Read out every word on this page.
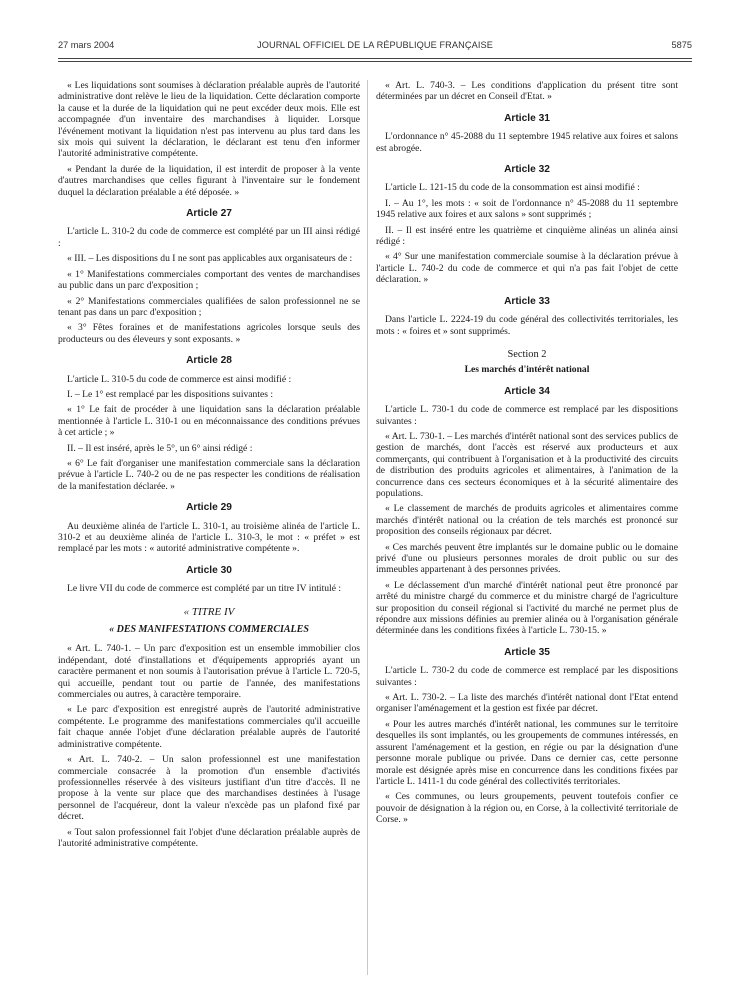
27 mars 2004	JOURNAL OFFICIEL DE LA RÉPUBLIQUE FRANÇAISE	5875

« Les liquidations sont soumises à déclaration préalable auprès de l'autorité administrative dont relève le lieu de la liquidation. Cette déclaration comporte la cause et la durée de la liquidation qui ne peut excéder deux mois. Elle est accompagnée d'un inventaire des marchandises à liquider. Lorsque l'événement motivant la liquidation n'est pas intervenu au plus tard dans les six mois qui suivent la déclaration, le déclarant est tenu d'en informer l'autorité administrative compétente.

« Pendant la durée de la liquidation, il est interdit de proposer à la vente d'autres marchandises que celles figurant à l'inventaire sur le fondement duquel la déclaration préalable a été déposée. »

Article 27

L'article L. 310-2 du code de commerce est complété par un III ainsi rédigé :

« III. – Les dispositions du I ne sont pas applicables aux organisateurs de :

« 1° Manifestations commerciales comportant des ventes de marchandises au public dans un parc d'exposition ;

« 2° Manifestations commerciales qualifiées de salon professionnel ne se tenant pas dans un parc d'exposition ;

« 3° Fêtes foraines et de manifestations agricoles lorsque seuls des producteurs ou des éleveurs y sont exposants. »

Article 28

L'article L. 310-5 du code de commerce est ainsi modifié :

I. – Le 1° est remplacé par les dispositions suivantes :

« 1° Le fait de procéder à une liquidation sans la déclaration préalable mentionnée à l'article L. 310-1 ou en méconnaissance des conditions prévues à cet article ; »

II. – Il est inséré, après le 5°, un 6° ainsi rédigé :

« 6° Le fait d'organiser une manifestation commerciale sans la déclaration prévue à l'article L. 740-2 ou de ne pas respecter les conditions de réalisation de la manifestation déclarée. »

Article 29

Au deuxième alinéa de l'article L. 310-1, au troisième alinéa de l'article L. 310-2 et au deuxième alinéa de l'article L. 310-3, le mot : « préfet » est remplacé par les mots : « autorité administrative compétente ».

Article 30

Le livre VII du code de commerce est complété par un titre IV intitulé :

« TITRE IV

« DES MANIFESTATIONS COMMERCIALES

« Art. L. 740-1. – Un parc d'exposition est un ensemble immobilier clos indépendant, doté d'installations et d'équipements appropriés ayant un caractère permanent et non soumis à l'autorisation prévue à l'article L. 720-5, qui accueille, pendant tout ou partie de l'année, des manifestations commerciales ou autres, à caractère temporaire.

« Le parc d'exposition est enregistré auprès de l'autorité administrative compétente. Le programme des manifestations commerciales qu'il accueille fait chaque année l'objet d'une déclaration préalable auprès de l'autorité administrative compétente.

« Art. L. 740-2. – Un salon professionnel est une manifestation commerciale consacrée à la promotion d'un ensemble d'activités professionnelles réservée à des visiteurs justifiant d'un titre d'accès. Il ne propose à la vente sur place que des marchandises destinées à l'usage personnel de l'acquéreur, dont la valeur n'excède pas un plafond fixé par décret.

« Tout salon professionnel fait l'objet d'une déclaration préalable auprès de l'autorité administrative compétente.

« Art. L. 740-3. – Les conditions d'application du présent titre sont déterminées par un décret en Conseil d'Etat. »

Article 31

L'ordonnance n° 45-2088 du 11 septembre 1945 relative aux foires et salons est abrogée.

Article 32

L'article L. 121-15 du code de la consommation est ainsi modifié :

I. – Au 1°, les mots : « soit de l'ordonnance n° 45-2088 du 11 septembre 1945 relative aux foires et aux salons » sont supprimés ;

II. – Il est inséré entre les quatrième et cinquième alinéas un alinéa ainsi rédigé :

« 4° Sur une manifestation commerciale soumise à la déclaration prévue à l'article L. 740-2 du code de commerce et qui n'a pas fait l'objet de cette déclaration. »

Article 33

Dans l'article L. 2224-19 du code général des collectivités territoriales, les mots : « foires et » sont supprimés.

Section 2

Les marchés d'intérêt national

Article 34

L'article L. 730-1 du code de commerce est remplacé par les dispositions suivantes :

« Art. L. 730-1. – Les marchés d'intérêt national sont des services publics de gestion de marchés, dont l'accès est réservé aux producteurs et aux commerçants, qui contribuent à l'organisation et à la productivité des circuits de distribution des produits agricoles et alimentaires, à l'animation de la concurrence dans ces secteurs économiques et à la sécurité alimentaire des populations.

« Le classement de marchés de produits agricoles et alimentaires comme marchés d'intérêt national ou la création de tels marchés est prononcé sur proposition des conseils régionaux par décret.

« Ces marchés peuvent être implantés sur le domaine public ou le domaine privé d'une ou plusieurs personnes morales de droit public ou sur des immeubles appartenant à des personnes privées.

« Le déclassement d'un marché d'intérêt national peut être prononcé par arrêté du ministre chargé du commerce et du ministre chargé de l'agriculture sur proposition du conseil régional si l'activité du marché ne permet plus de répondre aux missions définies au premier alinéa ou à l'organisation générale déterminée dans les conditions fixées à l'article L. 730-15. »

Article 35

L'article L. 730-2 du code de commerce est remplacé par les dispositions suivantes :

« Art. L. 730-2. – La liste des marchés d'intérêt national dont l'Etat entend organiser l'aménagement et la gestion est fixée par décret.

« Pour les autres marchés d'intérêt national, les communes sur le territoire desquelles ils sont implantés, ou les groupements de communes intéressés, en assurent l'aménagement et la gestion, en régie ou par la désignation d'une personne morale publique ou privée. Dans ce dernier cas, cette personne morale est désignée après mise en concurrence dans les conditions fixées par l'article L. 1411-1 du code général des collectivités territoriales.

« Ces communes, ou leurs groupements, peuvent toutefois confier ce pouvoir de désignation à la région ou, en Corse, à la collectivité territoriale de Corse. »
